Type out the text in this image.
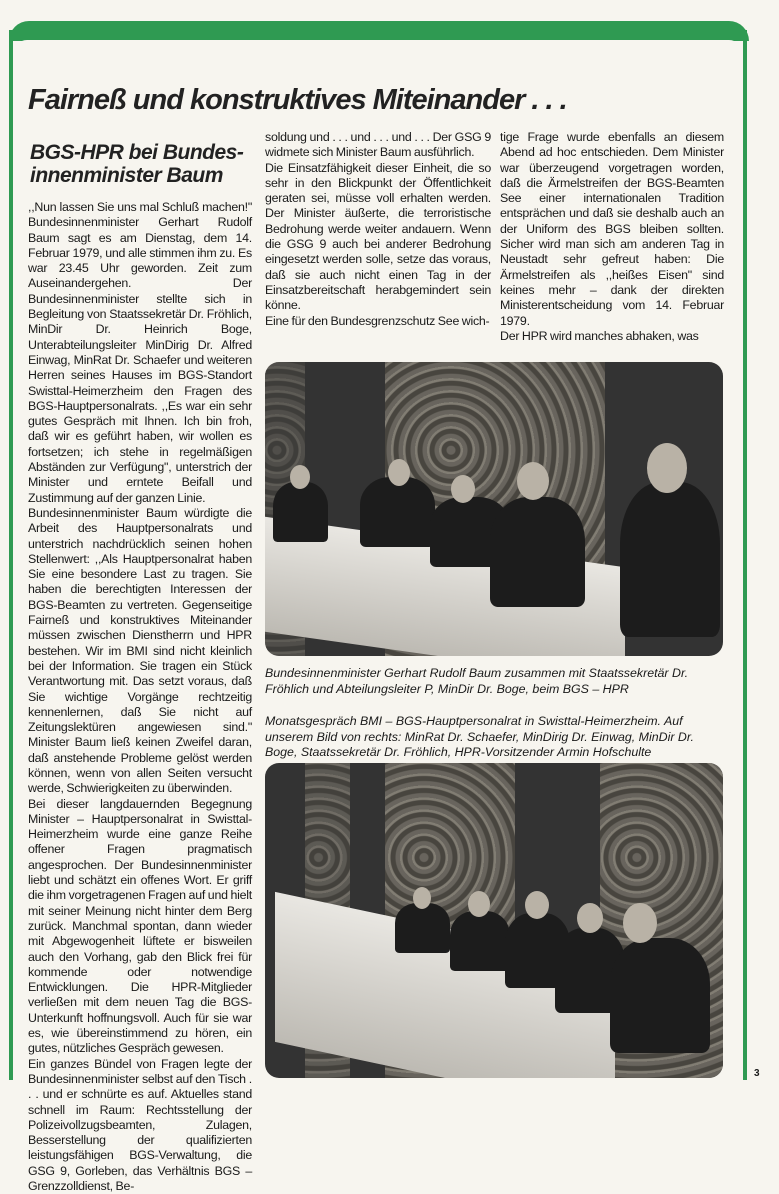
Fairneß und konstruktives Miteinander . . .
BGS-HPR bei Bundesinnenminister Baum

,,Nun lassen Sie uns mal Schluß machen!" Bundesinnenminister Gerhart Rudolf Baum sagt es am Dienstag, dem 14. Februar 1979, und alle stimmen ihm zu. Es war 23.45 Uhr geworden. Zeit zum Auseinandergehen. Der Bundesinnenminister stellte sich in Begleitung von Staatssekretär Dr. Fröhlich, MinDir Dr. Heinrich Boge, Unterabteilungsleiter MinDirig Dr. Alfred Einwag, MinRat Dr. Schaefer und weiteren Herren seines Hauses im BGS-Standort Swisttal-Heimerzheim den Fragen des BGS-Hauptpersonalrats. ,,Es war ein sehr gutes Gespräch mit Ihnen. Ich bin froh, daß wir es geführt haben, wir wollen es fortsetzen; ich stehe in regelmäßigen Abständen zur Verfügung", unterstrich der Minister und erntete Beifall und Zustimmung auf der ganzen Linie.

Bundesinnenminister Baum würdigte die Arbeit des Hauptpersonalrats und unterstrich nachdrücklich seinen hohen Stellenwert: ,,Als Hauptpersonalrat haben Sie eine besondere Last zu tragen. Sie haben die berechtigten Interessen der BGS-Beamten zu vertreten. Gegenseitige Fairneß und konstruktives Miteinander müssen zwischen Dienstherrn und HPR bestehen. Wir im BMI sind nicht kleinlich bei der Information. Sie tragen ein Stück Verantwortung mit. Das setzt voraus, daß Sie wichtige Vorgänge rechtzeitig kennenlernen, daß Sie nicht auf Zeitungslektüren angewiesen sind." Minister Baum ließ keinen Zweifel daran, daß anstehende Probleme gelöst werden können, wenn von allen Seiten versucht werde, Schwierigkeiten zu überwinden.

Bei dieser langdauernden Begegnung Minister – Hauptpersonalrat in Swisttal-Heimerzheim wurde eine ganze Reihe offener Fragen pragmatisch angesprochen. Der Bundesinnenminister liebt und schätzt ein offenes Wort. Er griff die ihm vorgetragenen Fragen auf und hielt mit seiner Meinung nicht hinter dem Berg zurück. Manchmal spontan, dann wieder mit Abgewogenheit lüftete er bisweilen auch den Vorhang, gab den Blick frei für kommende oder notwendige Entwicklungen. Die HPR-Mitglieder verließen mit dem neuen Tag die BGS-Unterkunft hoffnungsvoll. Auch für sie war es, wie übereinstimmend zu hören, ein gutes, nützliches Gespräch gewesen.

Ein ganzes Bündel von Fragen legte der Bundesinnenminister selbst auf den Tisch . . . und er schnürte es auf. Aktuelles stand schnell im Raum: Rechtsstellung der Polizeivollzugsbeamten, Zulagen, Besserstellung der qualifizierten leistungsfähigen BGS-Verwaltung, die GSG 9, Gorleben, das Verhältnis BGS – Grenzzolldienst, Be-

soldung und . . . und . . . und . . . Der GSG 9 widmete sich Minister Baum ausführlich.

Die Einsatzfähigkeit dieser Einheit, die so sehr in den Blickpunkt der Öffentlichkeit geraten sei, müsse voll erhalten werden. Der Minister äußerte, die terroristische Bedrohung werde weiter andauern. Wenn die GSG 9 auch bei anderer Bedrohung eingesetzt werden solle, setze das voraus, daß sie auch nicht einen Tag in der Einsatzbereitschaft herabgemindert sein könne.

Eine für den Bundesgrenzschutz See wich-

tige Frage wurde ebenfalls an diesem Abend ad hoc entschieden. Dem Minister war überzeugend vorgetragen worden, daß die Ärmelstreifen der BGS-Beamten See einer internationalen Tradition entsprächen und daß sie deshalb auch an der Uniform des BGS bleiben sollten. Sicher wird man sich am anderen Tag in Neustadt sehr gefreut haben: Die Ärmelstreifen als ,,heißes Eisen" sind keines mehr – dank der direkten Ministerentscheidung vom 14. Februar 1979.

Der HPR wird manches abhaken, was

Bundesinnenminister Gerhart Rudolf Baum zusammen mit Staatssekretär Dr. Fröhlich und Abteilungsleiter P, MinDir Dr. Boge, beim BGS – HPR
Monatsgespräch BMI – BGS-Hauptpersonalrat in Swisttal-Heimerzheim. Auf unserem Bild von rechts: MinRat Dr. Schaefer, MinDirig Dr. Einwag, MinDir Dr. Boge, Staatssekretär Dr. Fröhlich, HPR-Vorsitzender Armin Hofschulte
3
